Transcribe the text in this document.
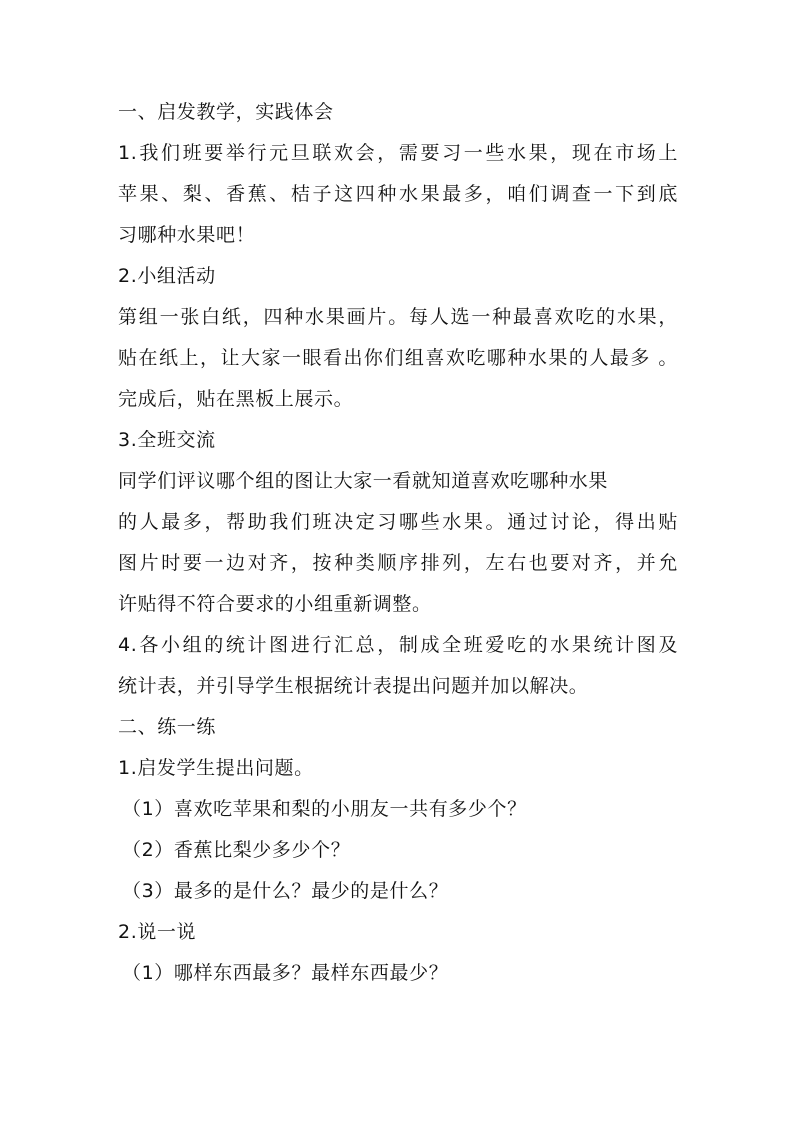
一、启发教学，实践体会
1.我们班要举行元旦联欢会，需要习一些水果，现在市场上
苹果、梨、香蕉、桔子这四种水果最多，咱们调查一下到底
习哪种水果吧！
2.小组活动
第组一张白纸，四种水果画片。每人选一种最喜欢吃的水果，
贴在纸上，让大家一眼看出你们组喜欢吃哪种水果的人最多 。
完成后，贴在黑板上展示。
3.全班交流
同学们评议哪个组的图让大家一看就知道喜欢吃哪种水果
的人最多，帮助我们班决定习哪些水果。通过讨论，得出贴
图片时要一边对齐，按种类顺序排列，左右也要对齐，并允
许贴得不符合要求的小组重新调整。
4.各小组的统计图进行汇总，制成全班爱吃的水果统计图及
统计表，并引导学生根据统计表提出问题并加以解决。
二、练一练
1.启发学生提出问题。
（1）喜欢吃苹果和梨的小朋友一共有多少个？
（2）香蕉比梨少多少个？
（3）最多的是什么？最少的是什么？
2.说一说
（1）哪样东西最多？最样东西最少？
